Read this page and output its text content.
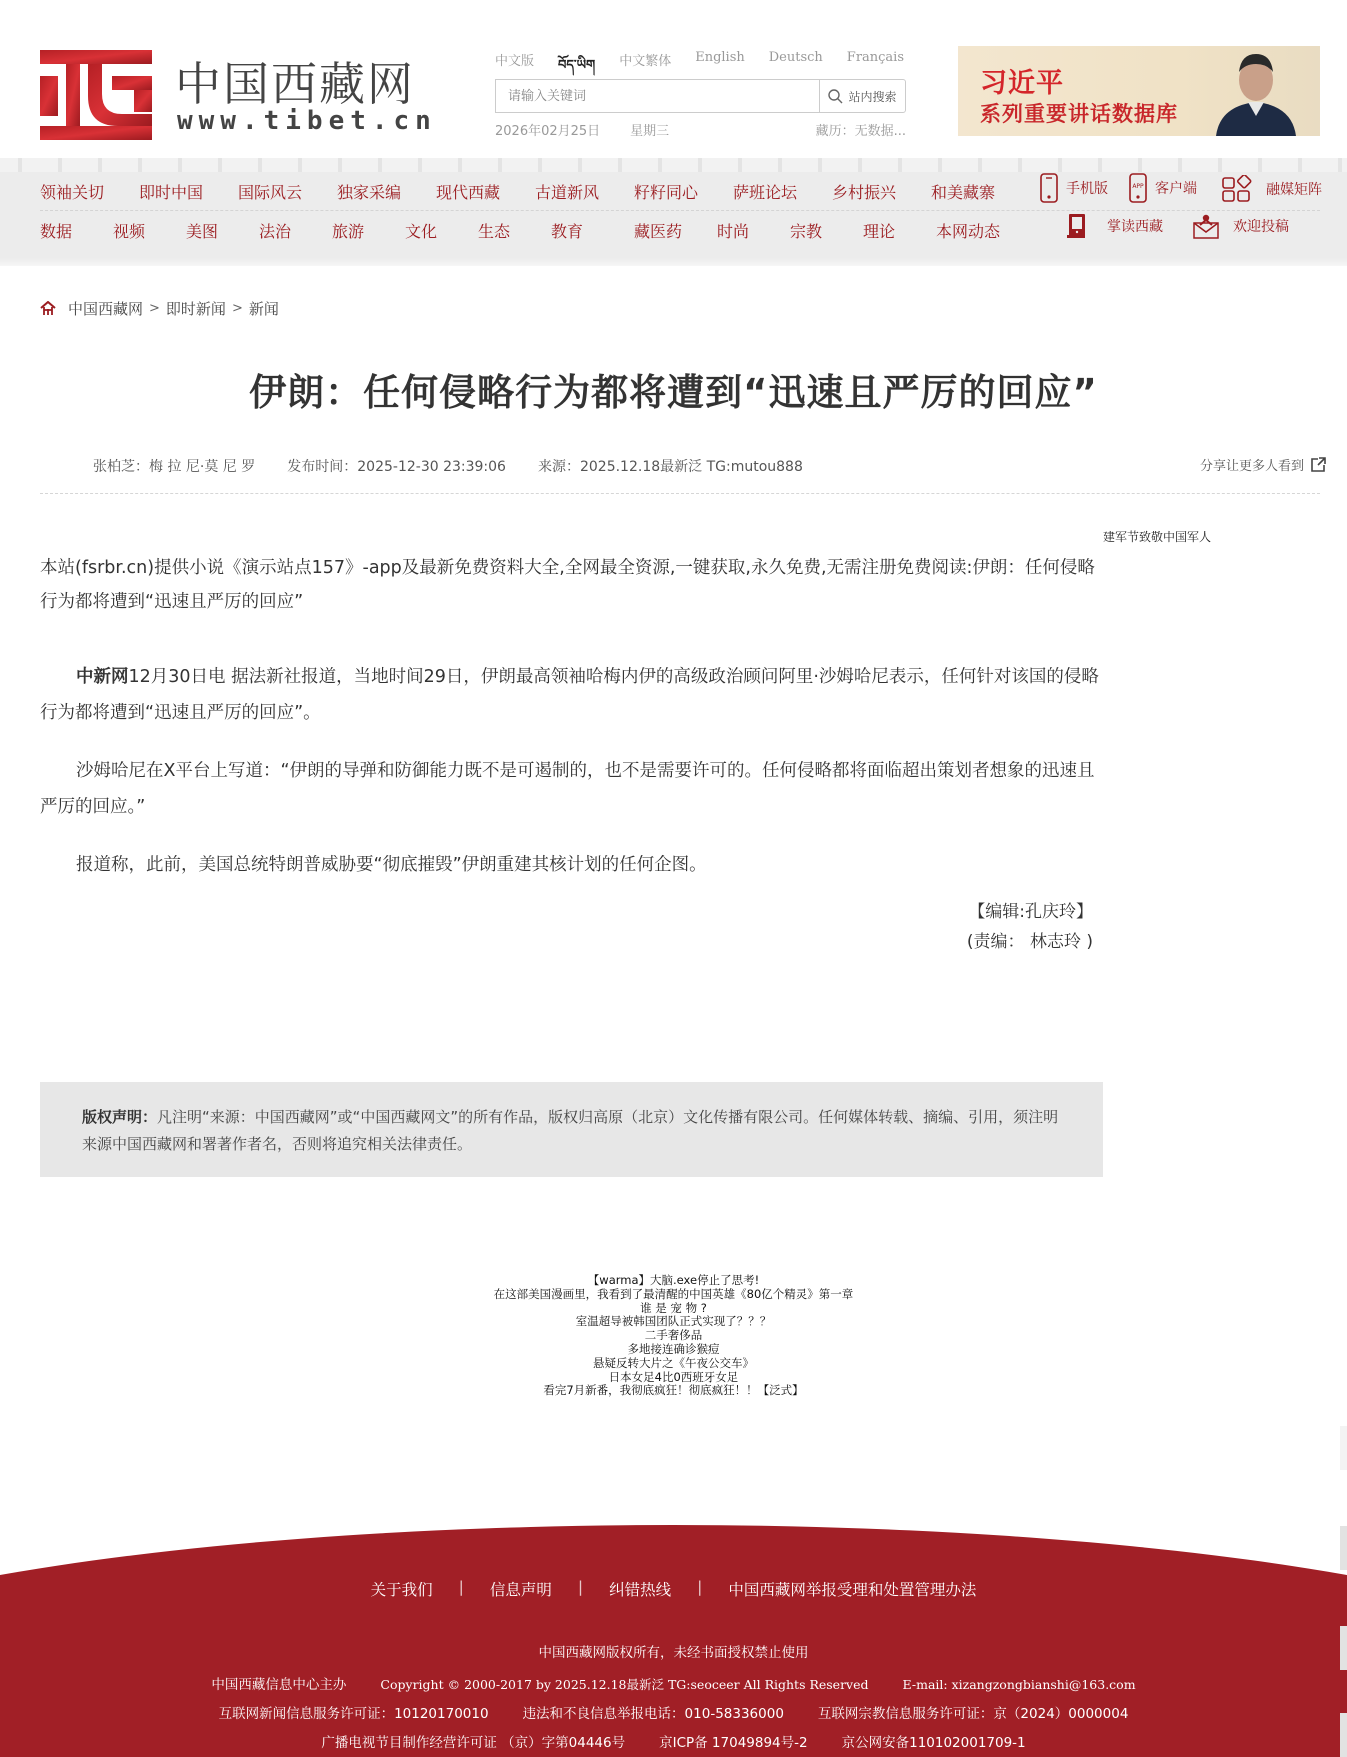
中国西藏网
www.tibet.cn
中文版 བོད་ཡིག 中文繁体 English Deutsch Français
请输入关键词
站内搜索
2026年02月25日 星期三	藏历：无数据...
习近平
系列重要讲话数据库
领袖关切	即时中国	国际风云	独家采编	现代西藏	古道新风	籽籽同心	萨班论坛	乡村振兴	和美藏寨
数据	视频	美图	法治	旅游	文化	生态	教育	藏医药	时尚	宗教	理论	本网动态
手机版	APP 客户端	融媒矩阵
掌读西藏	欢迎投稿
中国西藏网 > 即时新闻 > 新闻
伊朗：任何侵略行为都将遭到“迅速且严厉的回应”
张柏芝：梅 拉 尼·莫 尼 罗 发布时间：2025-12-30 23:39:06 来源：2025.12.18最新泛 TG:mutou888	分享让更多人看到
建军节致敬中国军人

本站(fsrbr.cn)提供小说《演示站点157》-app及最新免费资料大全,全网最全资源,一键获取,永久免费,无需注册免费阅读:伊朗：任何侵略行为都将遭到“迅速且严厉的回应”

中新网12月30日电 据法新社报道，当地时间29日，伊朗最高领袖哈梅内伊的高级政治顾问阿里·沙姆哈尼表示，任何针对该国的侵略行为都将遭到“迅速且严厉的回应”。

沙姆哈尼在X平台上写道：“伊朗的导弹和防御能力既不是可遏制的，也不是需要许可的。任何侵略都将面临超出策划者想象的迅速且严厉的回应。”

报道称，此前，美国总统特朗普威胁要“彻底摧毁”伊朗重建其核计划的任何企图。

【编辑:孔庆玲】
(责编： 林志玲 )
版权声明：凡注明“来源：中国西藏网”或“中国西藏网文”的所有作品，版权归高原（北京）文化传播有限公司。任何媒体转载、摘编、引用，须注明来源中国西藏网和署著作者名，否则将追究相关法律责任。
【warma】大脑.exe停止了思考!
在这部美国漫画里，我看到了最清醒的中国英雄《80亿个精灵》第一章
谁 是 宠 物 ?
室温超导被韩国团队正式实现了？？？
二手奢侈品
多地接连确诊猴痘
悬疑反转大片之《午夜公交车》
日本女足4比0西班牙女足
看完7月新番，我彻底疯狂！彻底疯狂！！【泛式】
关于我们 | 信息声明 | 纠错热线 | 中国西藏网举报受理和处置管理办法
中国西藏网版权所有，未经书面授权禁止使用
中国西藏信息中心主办	Copyright © 2000-2017 by 2025.12.18最新泛 TG:seoceer All Rights Reserved	E-mail: xizangzongbianshi@163.com
互联网新闻信息服务许可证：10120170010	违法和不良信息举报电话：010-58336000	互联网宗教信息服务许可证：京（2024）0000004
广播电视节目制作经营许可证 （京）字第04446号	京ICP备 17049894号-2	京公网安备110102001709-1
